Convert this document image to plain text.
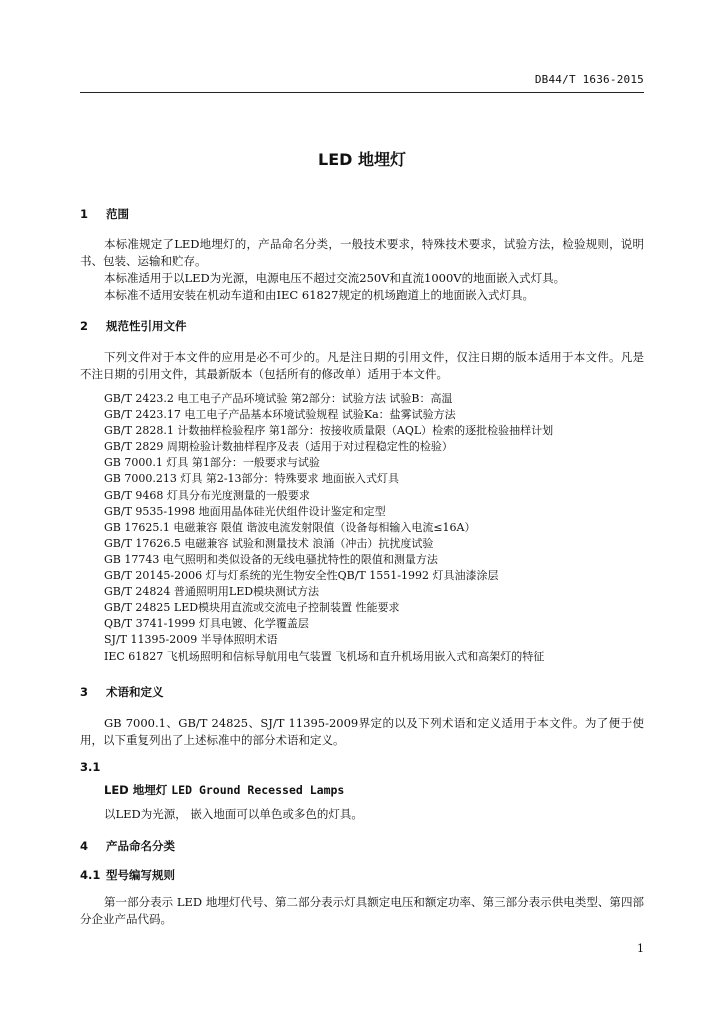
DB44/T 1636-2015
LED 地埋灯
1 范围
本标准规定了LED地埋灯的，产品命名分类，一般技术要求，特殊技术要求，试验方法，检验规则，说明书、包装、运输和贮存。
本标准适用于以LED为光源，电源电压不超过交流250V和直流1000V的地面嵌入式灯具。
本标准不适用安装在机动车道和由IEC 61827规定的机场跑道上的地面嵌入式灯具。
2 规范性引用文件
下列文件对于本文件的应用是必不可少的。凡是注日期的引用文件，仅注日期的版本适用于本文件。凡是不注日期的引用文件，其最新版本（包括所有的修改单）适用于本文件。
GB/T 2423.2 电工电子产品环境试验 第2部分：试验方法 试验B：高温
GB/T 2423.17 电工电子产品基本环境试验规程 试验Ka：盐雾试验方法
GB/T 2828.1 计数抽样检验程序 第1部分：按接收质量限（AQL）检索的逐批检验抽样计划
GB/T 2829 周期检验计数抽样程序及表（适用于对过程稳定性的检验）
GB 7000.1 灯具 第1部分：一般要求与试验
GB 7000.213 灯具 第2-13部分：特殊要求 地面嵌入式灯具
GB/T 9468 灯具分布光度测量的一般要求
GB/T 9535-1998 地面用晶体硅光伏组件设计鉴定和定型
GB 17625.1 电磁兼容 限值 谐波电流发射限值（设备每相输入电流≤16A）
GB/T 17626.5 电磁兼容 试验和测量技术 浪涌（冲击）抗扰度试验
GB 17743 电气照明和类似设备的无线电骚扰特性的限值和测量方法
GB/T 20145-2006 灯与灯系统的光生物安全性QB/T 1551-1992 灯具油漆涂层
GB/T 24824 普通照明用LED模块测试方法
GB/T 24825 LED模块用直流或交流电子控制装置 性能要求
QB/T 3741-1999 灯具电镀、化学覆盖层
SJ/T 11395-2009 半导体照明术语
IEC 61827 飞机场照明和信标导航用电气装置 飞机场和直升机场用嵌入式和高架灯的特征
3 术语和定义
GB 7000.1、GB/T 24825、SJ/T 11395-2009界定的以及下列术语和定义适用于本文件。为了便于使用，以下重复列出了上述标准中的部分术语和定义。
3.1
LED 地埋灯 LED Ground Recessed Lamps
以LED为光源， 嵌入地面可以单色或多色的灯具。
4 产品命名分类
4.1 型号编写规则
第一部分表示 LED 地埋灯代号、第二部分表示灯具额定电压和额定功率、第三部分表示供电类型、第四部分企业产品代码。
1
